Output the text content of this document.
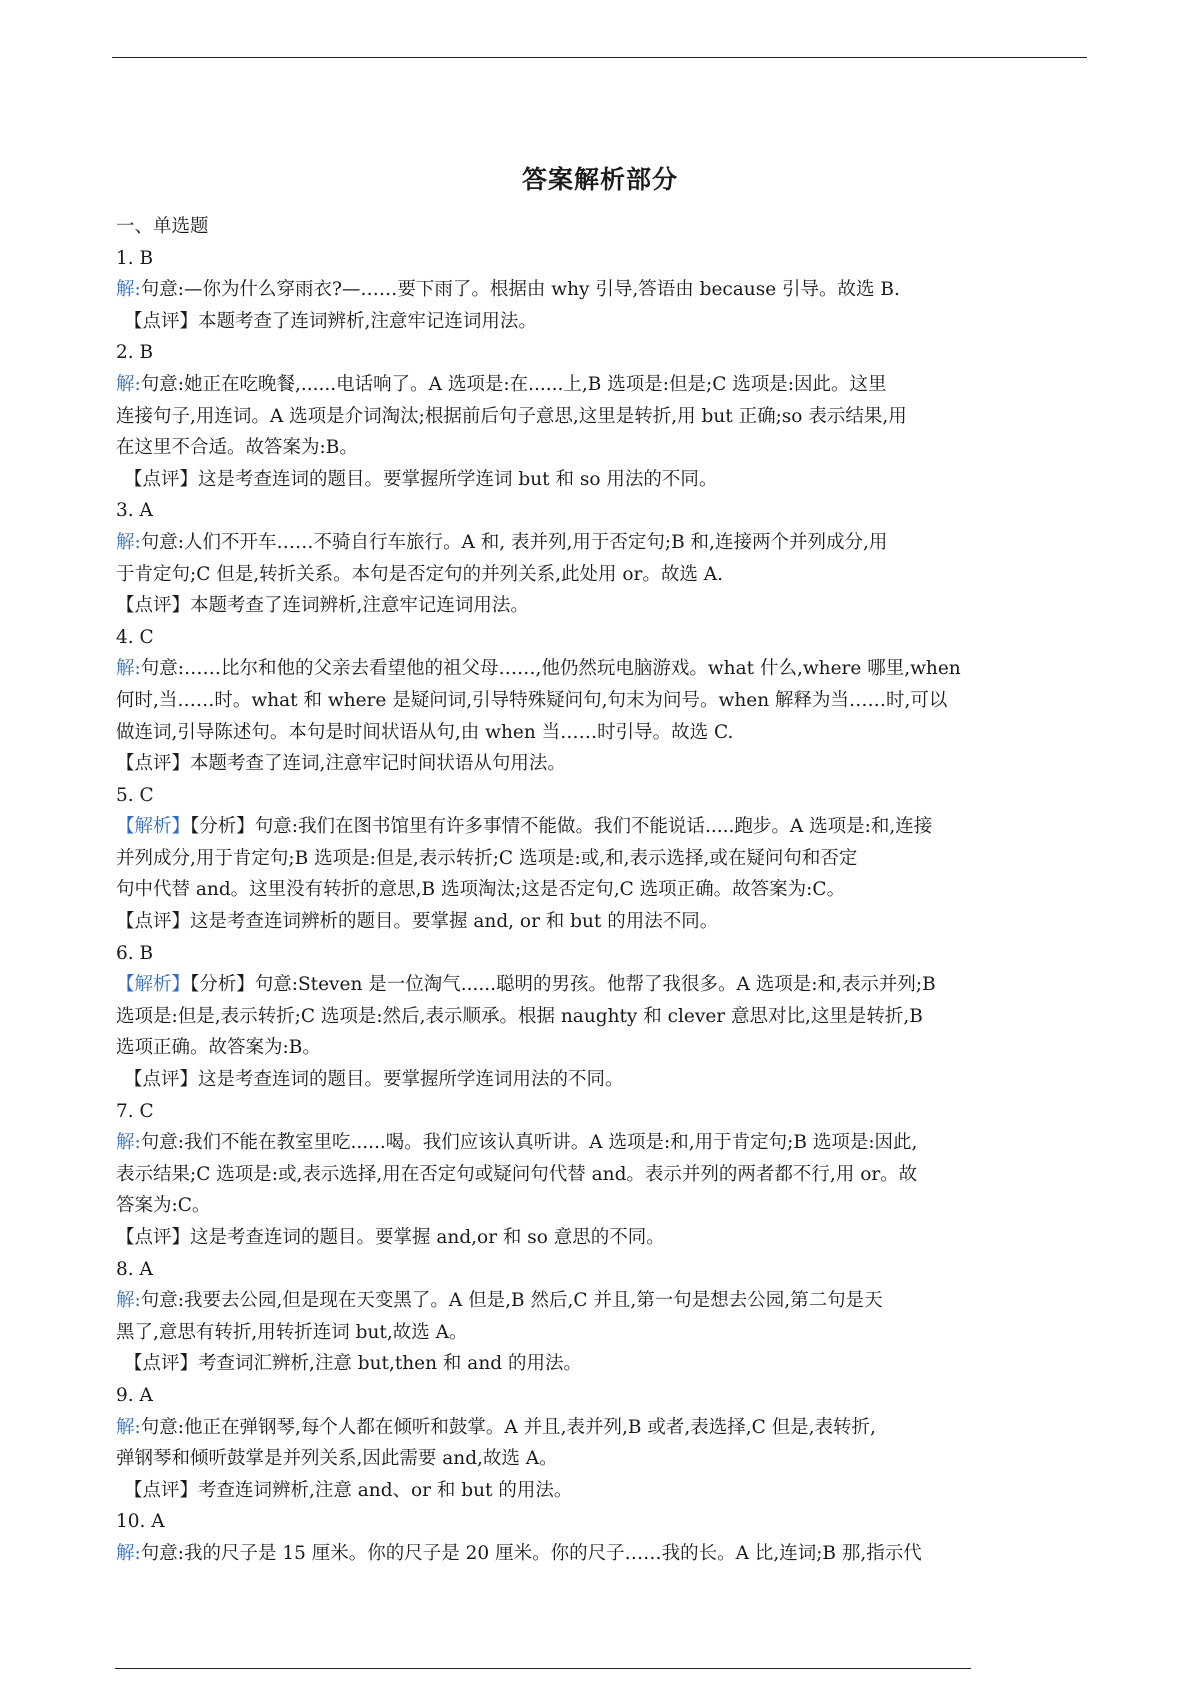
答案解析部分
一、单选题
1. B
解:句意:—你为什么穿雨衣?—……要下雨了。根据由 why 引导,答语由 because 引导。故选 B.
【点评】本题考查了连词辨析,注意牢记连词用法。
2. B
解:句意:她正在吃晚餐,......电话响了。A 选项是:在......上,B 选项是:但是;C 选项是:因此。这里
连接句子,用连词。A 选项是介词淘汰;根据前后句子意思,这里是转折,用 but 正确;so 表示结果,用
在这里不合适。故答案为:B。
【点评】这是考查连词的题目。要掌握所学连词 but 和 so 用法的不同。
3. A
解:句意:人们不开车……不骑自行车旅行。A 和, 表并列,用于否定句;B 和,连接两个并列成分,用
于肯定句;C 但是,转折关系。本句是否定句的并列关系,此处用 or。故选 A.
【点评】本题考查了连词辨析,注意牢记连词用法。
4. C
解:句意:……比尔和他的父亲去看望他的祖父母……,他仍然玩电脑游戏。what 什么,where 哪里,when
何时,当……时。what 和 where 是疑问词,引导特殊疑问句,句末为问号。when 解释为当……时,可以
做连词,引导陈述句。本句是时间状语从句,由 when 当……时引导。故选 C.
【点评】本题考查了连词,注意牢记时间状语从句用法。
5. C
【解析】【分析】句意:我们在图书馆里有许多事情不能做。我们不能说话.....跑步。A 选项是:和,连接
并列成分,用于肯定句;B 选项是:但是,表示转折;C 选项是:或,和,表示选择,或在疑问句和否定
句中代替 and。这里没有转折的意思,B 选项淘汰;这是否定句,C 选项正确。故答案为:C。
【点评】这是考查连词辨析的题目。要掌握 and, or 和 but 的用法不同。
6. B
【解析】【分析】句意:Steven 是一位淘气......聪明的男孩。他帮了我很多。A 选项是:和,表示并列;B
选项是:但是,表示转折;C 选项是:然后,表示顺承。根据 naughty 和 clever 意思对比,这里是转折,B
选项正确。故答案为:B。
【点评】这是考查连词的题目。要掌握所学连词用法的不同。
7. C
解:句意:我们不能在教室里吃......喝。我们应该认真听讲。A 选项是:和,用于肯定句;B 选项是:因此,
表示结果;C 选项是:或,表示选择,用在否定句或疑问句代替 and。表示并列的两者都不行,用 or。故
答案为:C。
【点评】这是考查连词的题目。要掌握 and,or 和 so 意思的不同。
8. A
解:句意:我要去公园,但是现在天变黑了。A 但是,B 然后,C 并且,第一句是想去公园,第二句是天
黑了,意思有转折,用转折连词 but,故选 A。
【点评】考查词汇辨析,注意 but,then 和 and 的用法。
9. A
解:句意:他正在弹钢琴,每个人都在倾听和鼓掌。A 并且,表并列,B 或者,表选择,C 但是,表转折,
弹钢琴和倾听鼓掌是并列关系,因此需要 and,故选 A。
【点评】考查连词辨析,注意 and、or 和 but 的用法。
10. A
解:句意:我的尺子是 15 厘米。你的尺子是 20 厘米。你的尺子……我的长。A 比,连词;B 那,指示代
